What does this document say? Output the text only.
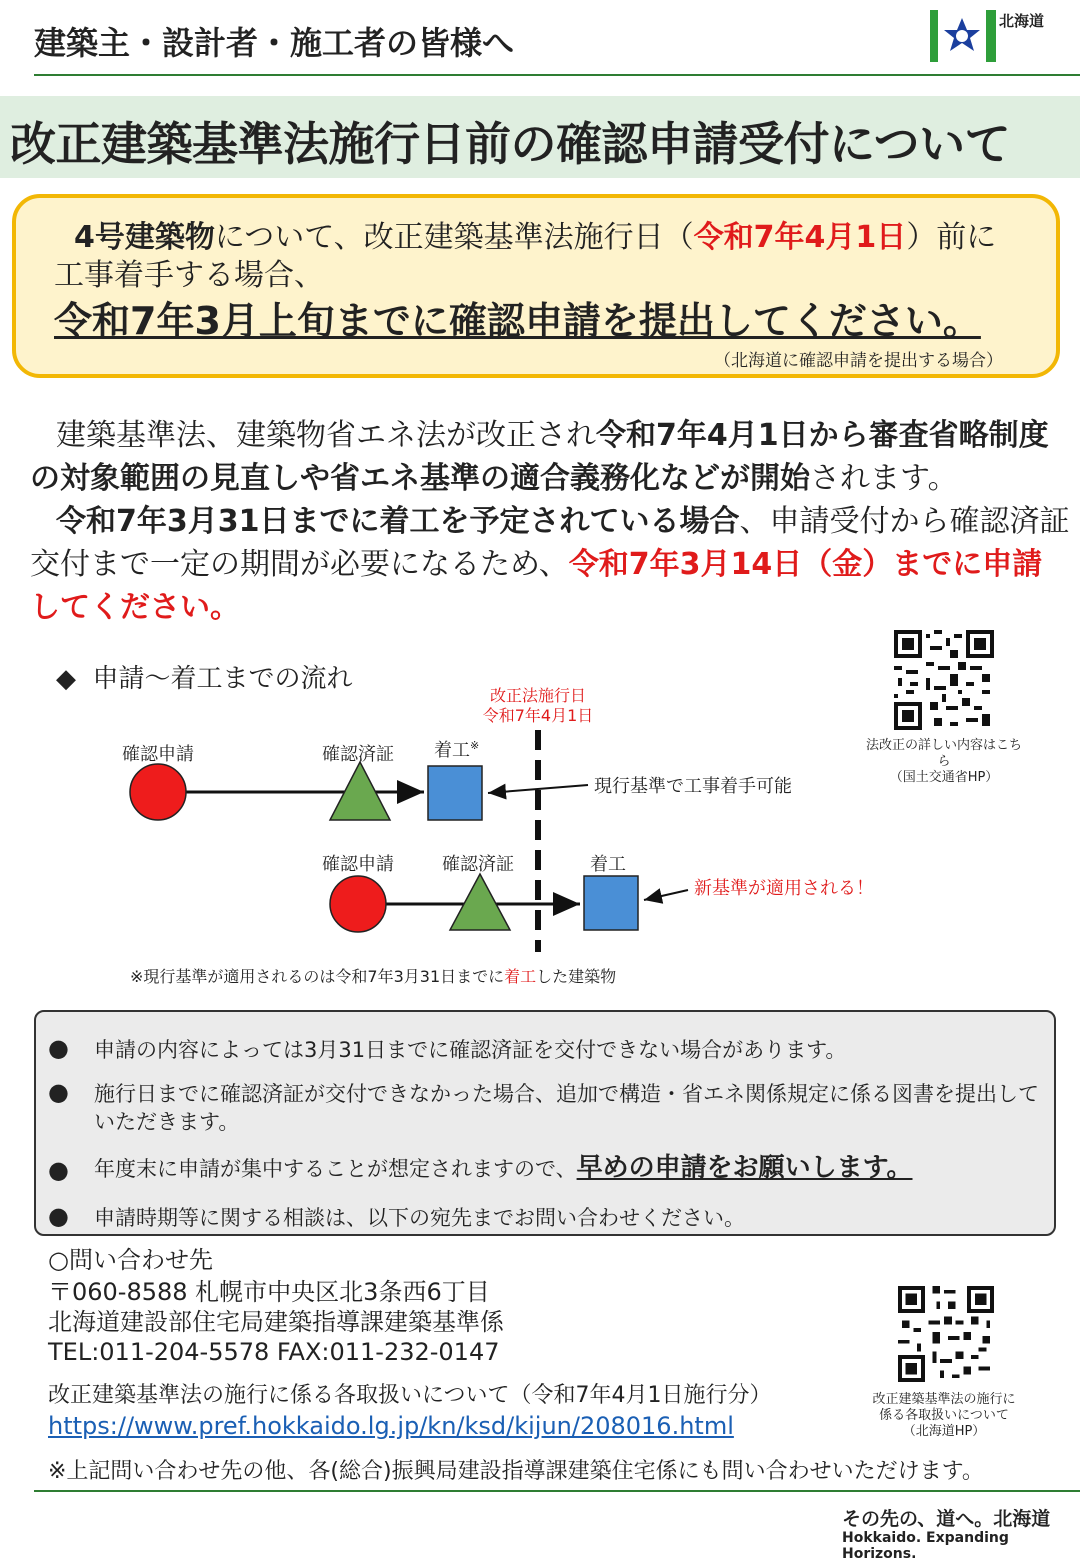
建築主・設計者・施工者の皆様へ
北海道
改正建築基準法施行日前の確認申請受付について
4号建築物について、改正建築基準法施行日（令和7年4月1日）前に
工事着手する場合、
令和7年3月上旬までに確認申請を提出してください。
（北海道に確認申請を提出する場合）

建築基準法、建築物省エネ法が改正され令和7年4月1日から審査省略制度の対象範囲の見直しや省エネ基準の適合義務化などが開始されます。

令和7年3月31日までに着工を予定されている場合、申請受付から確認済証交付まで一定の期間が必要になるため、令和7年3月14日（金）までに申請してください。

◆ 申請～着工までの流れ
法改正の詳しい内容はこち
ら
（国土交通省HP）
改正法施行日
令和7年4月1日
確認申請	確認済証 着工※
現行基準で工事着手可能
確認申請	確認済証	着工
新基準が適用される！
※現行基準が適用されるのは令和7年3月31日までに着工した建築物
● 申請の内容によっては3月31日までに確認済証を交付できない場合があります。
● 施行日までに確認済証が交付できなかった場合、追加で構造・省エネ関係規定に係る図書を提出していただきます。
● 年度末に申請が集中することが想定されますので、早めの申請をお願いします。
● 申請時期等に関する相談は、以下の宛先までお問い合わせください。
○問い合わせ先
〒060-8588 札幌市中央区北3条西6丁目
北海道建設部住宅局建築指導課建築基準係
TEL:011-204-5578 FAX:011-232-0147
改正建築基準法の施行に係る各取扱いについて（令和7年4月1日施行分）
https://www.pref.hokkaido.lg.jp/kn/ksd/kijun/208016.html
改正建築基準法の施行に
係る各取扱いについて
（北海道HP）
※上記問い合わせ先の他、各(総合)振興局建設指導課建築住宅係にも問い合わせいただけます。
その先の、道へ。北海道
Hokkaido. Expanding Horizons.
